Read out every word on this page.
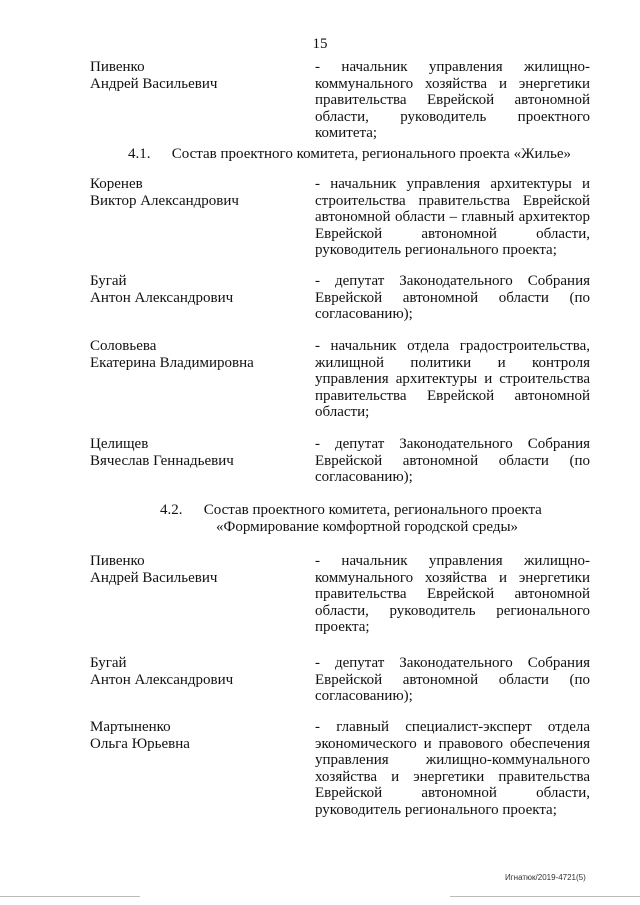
15
Пивенко
Андрей Васильевич
- начальник управления жилищно-
коммунального хозяйства и энергетики
правительства Еврейской автономной
области, руководитель проектного
комитета;
4.1. Состав проектного комитета, регионального проекта «Жилье»
Коренев
Виктор Александрович
- начальник управления архитектуры и
строительства правительства Еврейской
автономной области – главный архитектор
Еврейской автономной области,
руководитель регионального проекта;
Бугай
Антон Александрович
- депутат Законодательного Собрания
Еврейской автономной области (по
согласованию);
Соловьева
Екатерина Владимировна
- начальник отдела градостроительства,
жилищной политики и контроля
управления архитектуры и строительства
правительства Еврейской автономной
области;
Целищев
Вячеслав Геннадьевич
- депутат Законодательного Собрания
Еврейской автономной области (по
согласованию);
4.2. Состав проектного комитета, регионального проекта
«Формирование комфортной городской среды»
Пивенко
Андрей Васильевич
- начальник управления жилищно-
коммунального хозяйства и энергетики
правительства Еврейской автономной
области, руководитель регионального
проекта;
Бугай
Антон Александрович
- депутат Законодательного Собрания
Еврейской автономной области (по
согласованию);
Мартыненко
Ольга Юрьевна
- главный специалист-эксперт отдела
экономического и правового обеспечения
управления жилищно-коммунального
хозяйства и энергетики правительства
Еврейской автономной области,
руководитель регионального проекта;
Игнатюк/2019-4721(5)
